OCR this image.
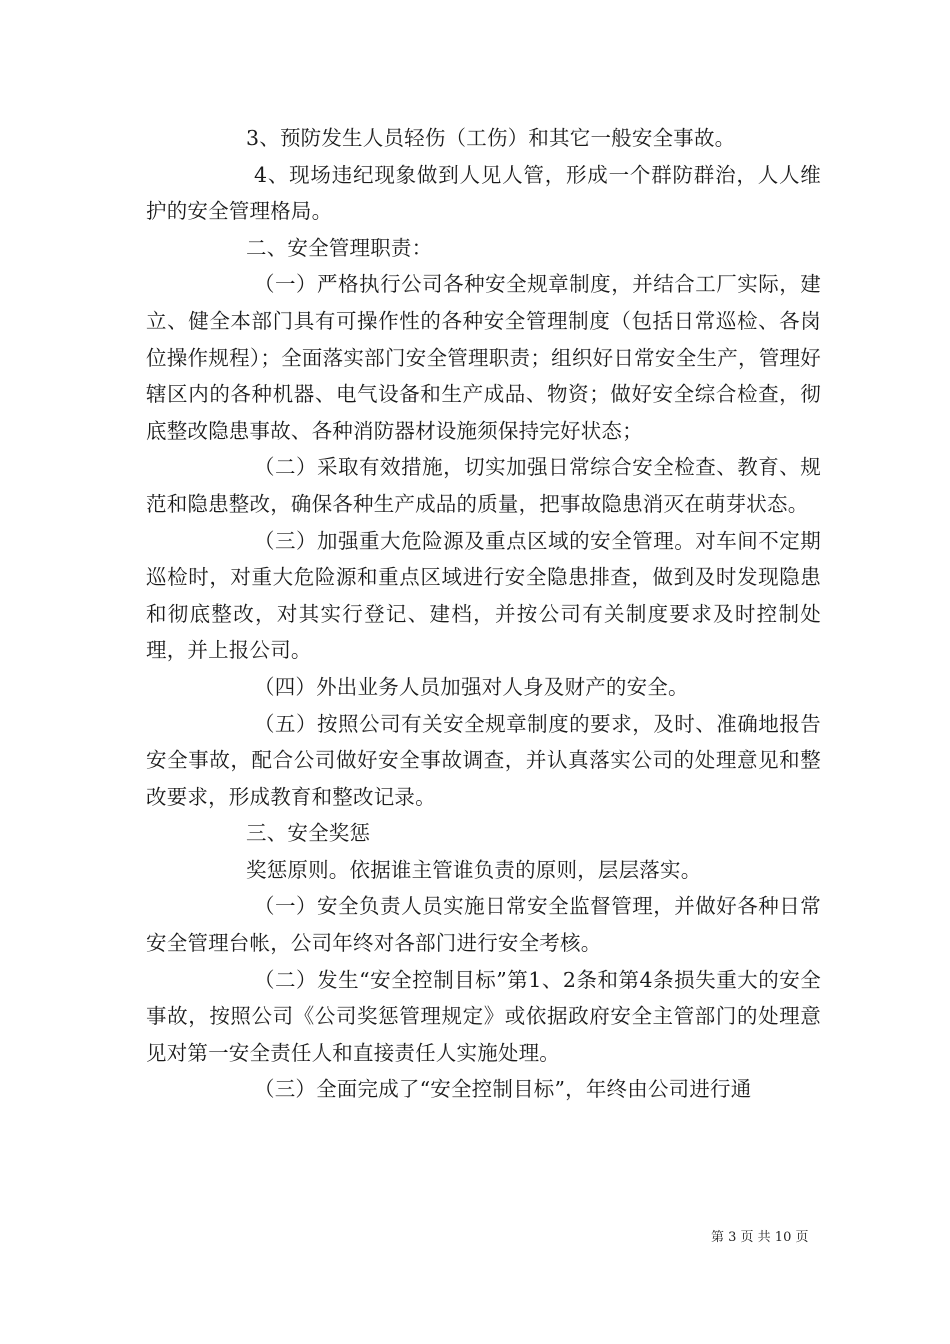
3、预防发生人员轻伤（工伤）和其它一般安全事故。

4、现场违纪现象做到人见人管，形成一个群防群治，人人维护的安全管理格局。

二、安全管理职责：

（一）严格执行公司各种安全规章制度，并结合工厂实际，建立、健全本部门具有可操作性的各种安全管理制度（包括日常巡检、各岗位操作规程）；全面落实部门安全管理职责；组织好日常安全生产，管理好辖区内的各种机器、电气设备和生产成品、物资；做好安全综合检查，彻底整改隐患事故、各种消防器材设施须保持完好状态；

（二）采取有效措施，切实加强日常综合安全检查、教育、规范和隐患整改，确保各种生产成品的质量，把事故隐患消灭在萌芽状态。

（三）加强重大危险源及重点区域的安全管理。对车间不定期巡检时，对重大危险源和重点区域进行安全隐患排查，做到及时发现隐患和彻底整改，对其实行登记、建档，并按公司有关制度要求及时控制处理，并上报公司。

（四）外出业务人员加强对人身及财产的安全。

（五）按照公司有关安全规章制度的要求，及时、准确地报告安全事故，配合公司做好安全事故调查，并认真落实公司的处理意见和整改要求，形成教育和整改记录。

三、安全奖惩

奖惩原则。依据谁主管谁负责的原则，层层落实。

（一）安全负责人员实施日常安全监督管理，并做好各种日常安全管理台帐，公司年终对各部门进行安全考核。

（二）发生“安全控制目标”第1、2条和第4条损失重大的安全事故，按照公司《公司奖惩管理规定》或依据政府安全主管部门的处理意见对第一安全责任人和直接责任人实施处理。

（三）全面完成了“安全控制目标”，年终由公司进行通

第 3 页 共 10 页
